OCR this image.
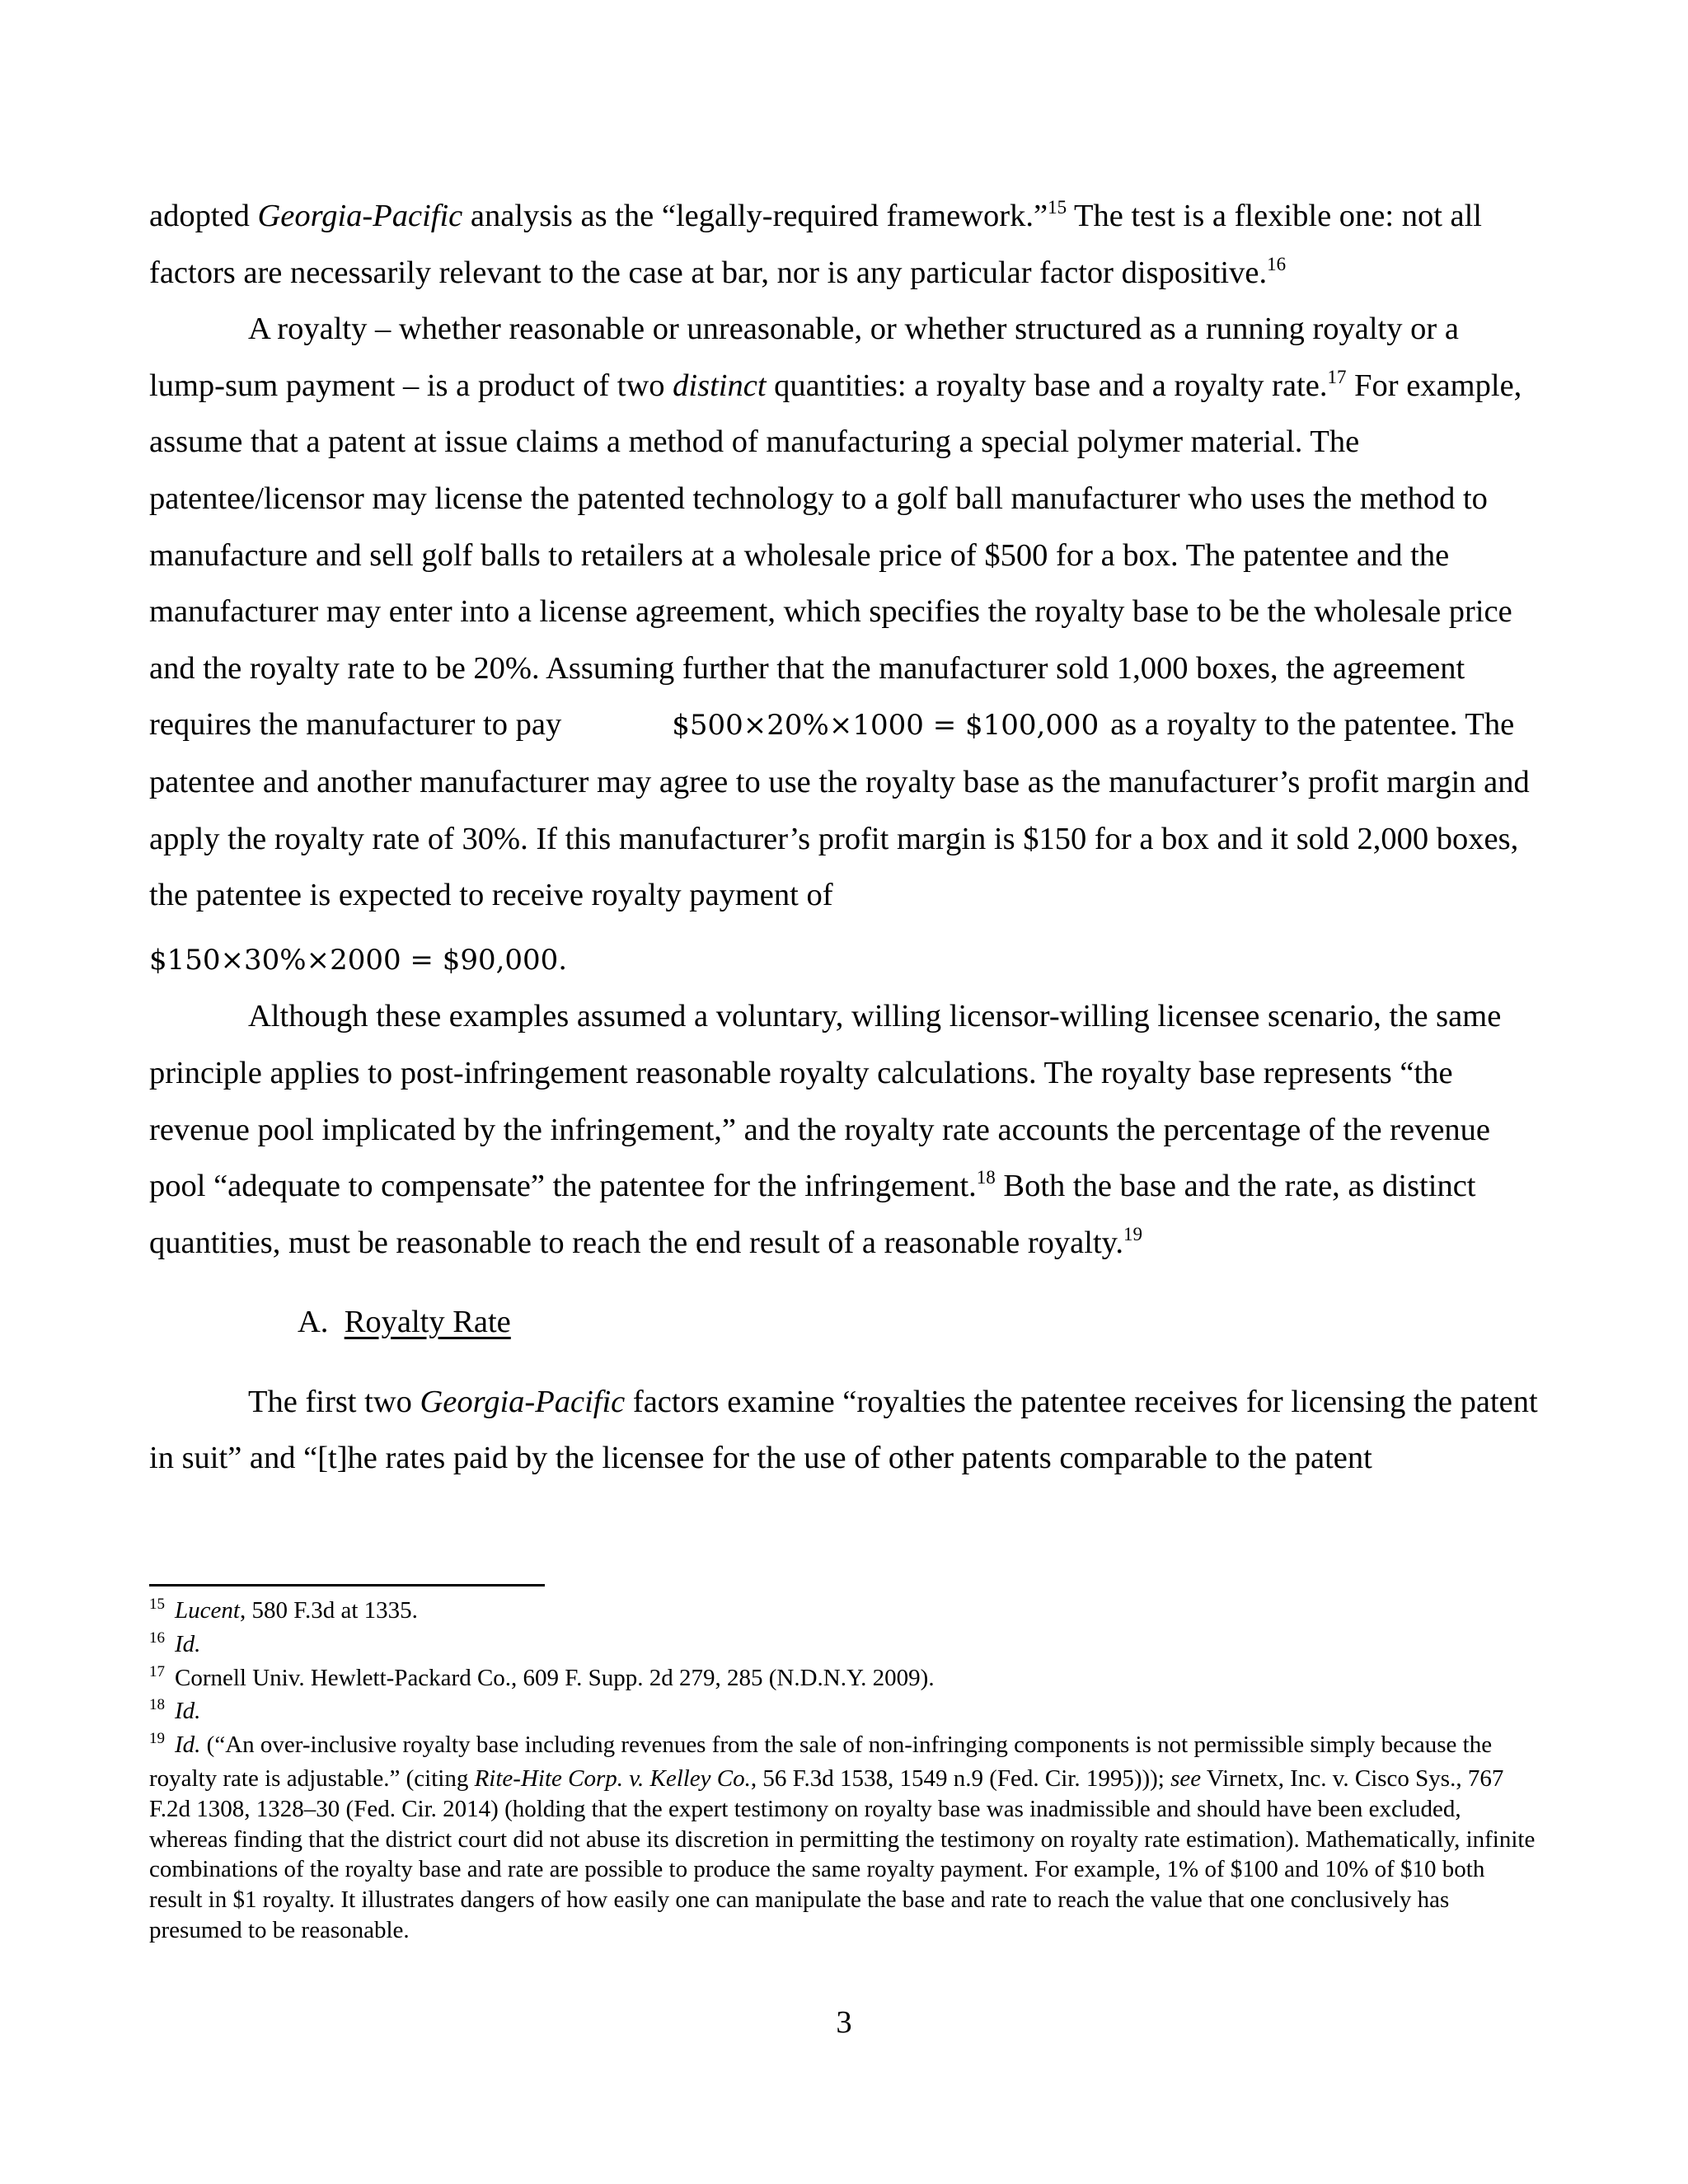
adopted Georgia-Pacific analysis as the “legally-required framework.”$^{15}$ The test is a flexible one: not all factors are necessarily relevant to the case at bar, nor is any particular factor dispositive.$^{16}$

A royalty – whether reasonable or unreasonable, or whether structured as a running royalty or a lump-sum payment – is a product of two distinct quantities: a royalty base and a royalty rate.$^{17}$ For example, assume that a patent at issue claims a method of manufacturing a special polymer material. The patentee/licensor may license the patented technology to a golf ball manufacturer who uses the method to manufacture and sell golf balls to retailers at a wholesale price of $500 for a box. The patentee and the manufacturer may enter into a license agreement, which specifies the royalty base to be the wholesale price and the royalty rate to be 20%. Assuming further that the manufacturer sold 1,000 boxes, the agreement requires the manufacturer to pay	$500×20%×1000 = $100,000 as a royalty to the patentee. The patentee and another manufacturer may agree to use the royalty base as the manufacturer’s profit margin and apply the royalty rate of 30%. If this manufacturer’s profit margin is $150 for a box and it sold 2,000 boxes, the patentee is expected to receive royalty payment of

$150×30%×2000 = $90,000.

Although these examples assumed a voluntary, willing licensor-willing licensee scenario, the same principle applies to post-infringement reasonable royalty calculations. The royalty base represents “the revenue pool implicated by the infringement,” and the royalty rate accounts the percentage of the revenue pool “adequate to compensate” the patentee for the infringement.$^{18}$ Both the base and the rate, as distinct quantities, must be reasonable to reach the end result of a reasonable royalty.$^{19}$

A. Royalty Rate

The first two Georgia-Pacific factors examine “royalties the patentee receives for licensing the patent in suit” and “[t]he rates paid by the licensee for the use of other patents comparable to the patent

$^{15}$ Lucent, 580 F.3d at 1335.

$^{16}$ Id.

$^{17}$ Cornell Univ. Hewlett-Packard Co., 609 F. Supp. 2d 279, 285 (N.D.N.Y. 2009).

$^{18}$ Id.

$^{19}$ Id. (“An over-inclusive royalty base including revenues from the sale of non-infringing components is not permissible simply because the royalty rate is adjustable.” (citing Rite-Hite Corp. v. Kelley Co., 56 F.3d 1538, 1549 n.9 (Fed. Cir. 1995))); see Virnetx, Inc. v. Cisco Sys., 767 F.2d 1308, 1328–30 (Fed. Cir. 2014) (holding that the expert testimony on royalty base was inadmissible and should have been excluded, whereas finding that the district court did not abuse its discretion in permitting the testimony on royalty rate estimation). Mathematically, infinite combinations of the royalty base and rate are possible to produce the same royalty payment. For example, 1% of $100 and 10% of $10 both result in $1 royalty. It illustrates dangers of how easily one can manipulate the base and rate to reach the value that one conclusively has presumed to be reasonable.

3
